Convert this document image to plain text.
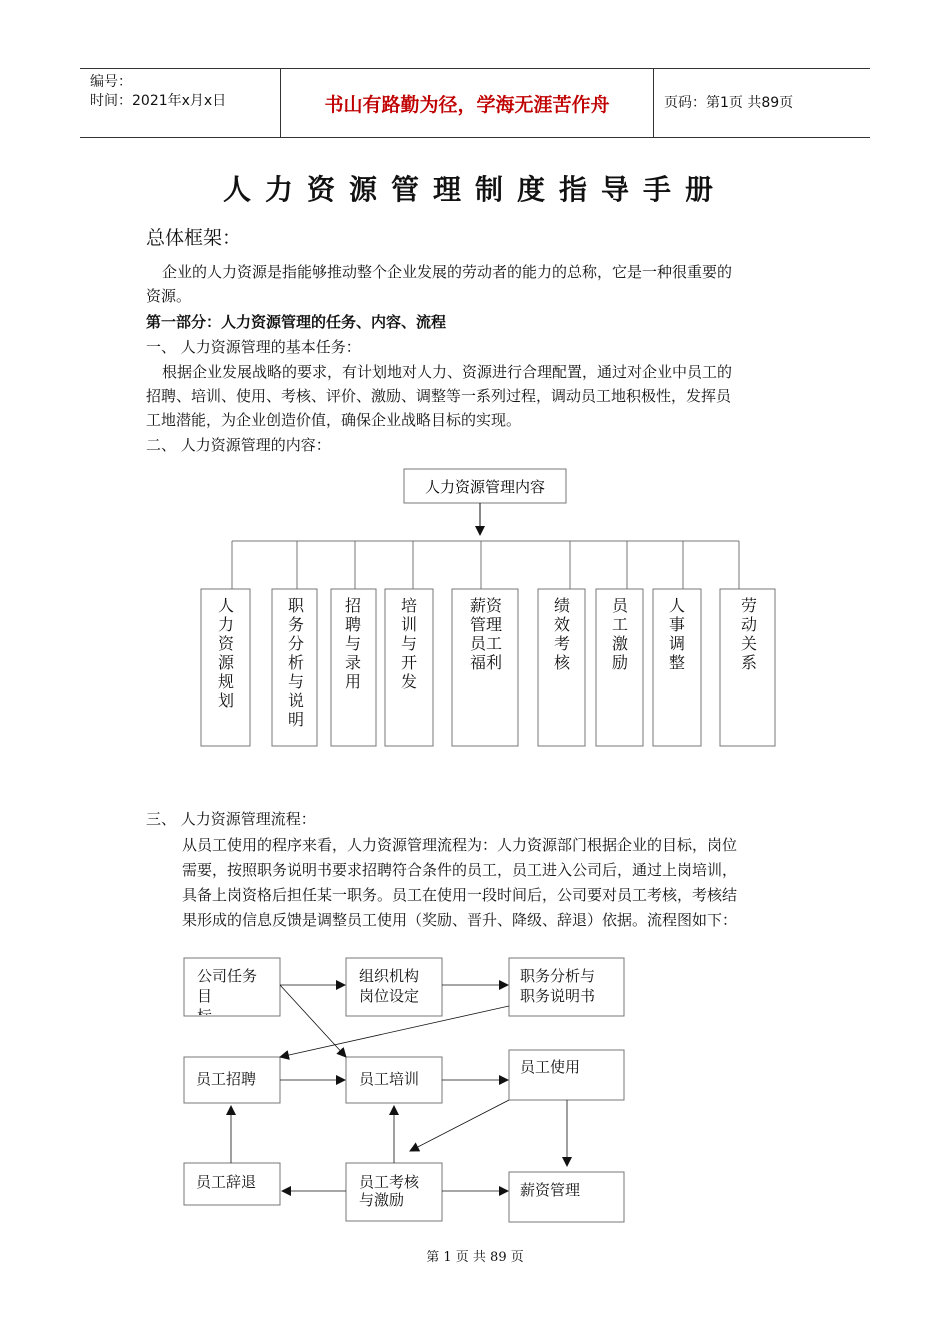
编号：
时间：2021年x月x日	书山有路勤为径，学海无涯苦作舟	页码：第1页 共89页
人力资源管理制度指导手册
总体框架：
企业的人力资源是指能够推动整个企业发展的劳动者的能力的总称，它是一种很重要的
资源。
第一部分：人力资源管理的任务、内容、流程
一、 人力资源管理的基本任务：
根据企业发展战略的要求，有计划地对人力、资源进行合理配置，通过对企业中员工的
招聘、培训、使用、考核、评价、激励、调整等一系列过程，调动员工地积极性，发挥员
工地潜能，为企业创造价值，确保企业战略目标的实现。
二、 人力资源管理的内容：
人力资源管理内容
人
力
资
源
规
划
职
务
分
析
与
说
明
招
聘
与
录
用
培
训
与
开
发
薪资
管理
员工
福利
绩
效
考
核
员
工
激
励
人
事
调
整
劳
动
关
系
三、 人力资源管理流程：
从员工使用的程序来看，人力资源管理流程为：人力资源部门根据企业的目标，岗位
需要，按照职务说明书要求招聘符合条件的员工，员工进入公司后，通过上岗培训，
具备上岗资格后担任某一职务。员工在使用一段时间后，公司要对员工考核，考核结
果形成的信息反馈是调整员工使用（奖励、晋升、降级、辞退）依据。流程图如下：
公司任务
目
标
组织机构
岗位设定
职务分析与
职务说明书
员工招聘	员工培训
员工使用
员工辞退	员工考核
与激励
薪资管理
第 1 页 共 89 页
